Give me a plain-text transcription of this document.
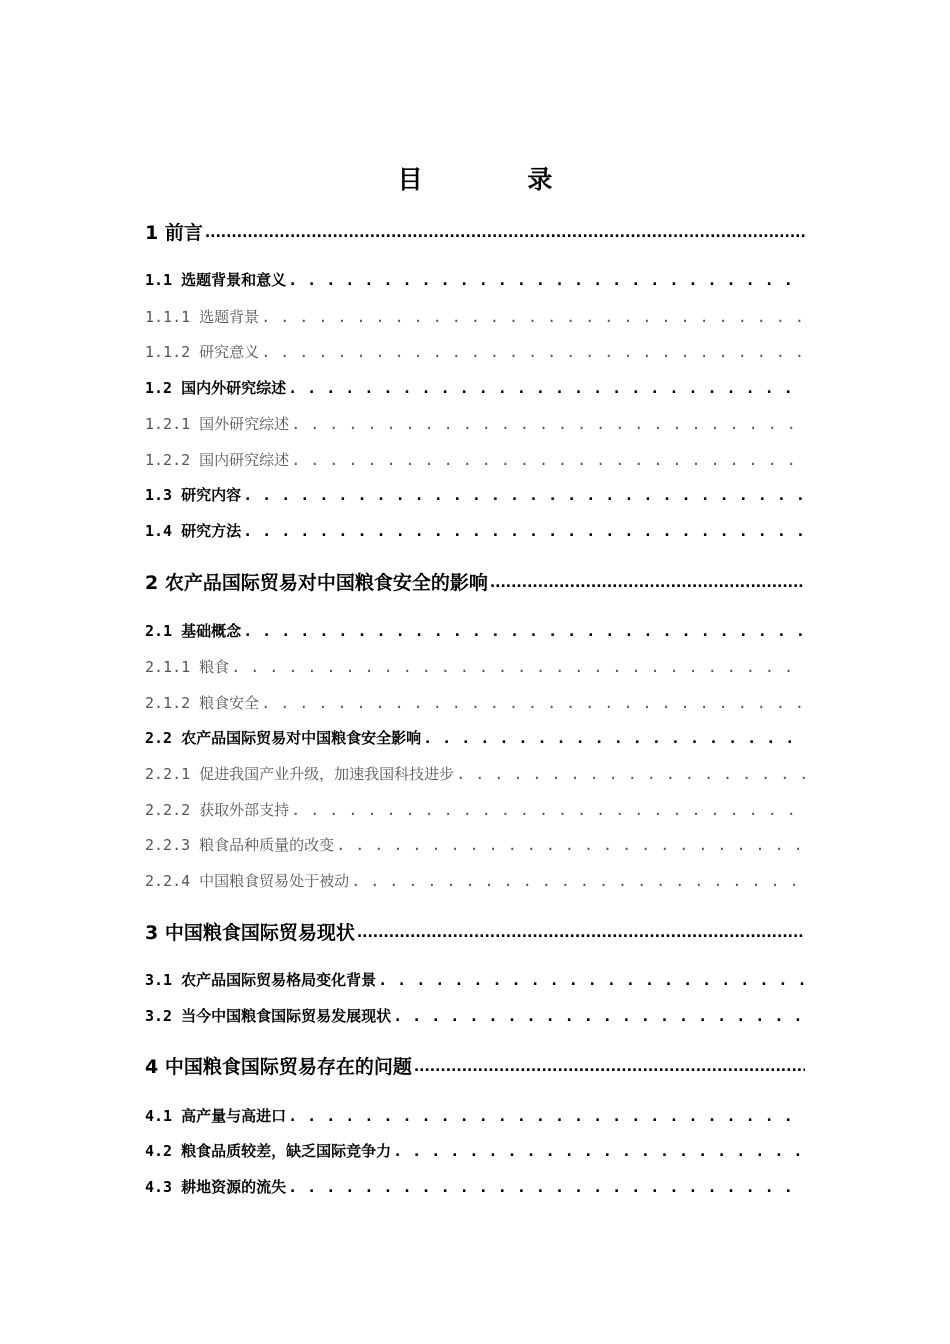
目 录
1 前言
.....
1.1 选题背景和意义
. . .
1.1.1 选题背景
. . .
1.1.2 研究意义
. . .
1.2 国内外研究综述
. . .
1.2.1 国外研究综述
. . .
1.2.2 国内研究综述
. . .
1.3 研究内容
. . .
1.4 研究方法
. . .
2 农产品国际贸易对中国粮食安全的影响
.....
2.1 基础概念
. . .
2.1.1 粮食
. . .
2.1.2 粮食安全
. . .
2.2 农产品国际贸易对中国粮食安全影响
. . .
2.2.1 促进我国产业升级，加速我国科技进步
. . .
2.2.2 获取外部支持
. . .
2.2.3 粮食品种质量的改变
. . .
2.2.4 中国粮食贸易处于被动
. . .
3 中国粮食国际贸易现状
.....
3.1 农产品国际贸易格局变化背景
. . .
3.2 当今中国粮食国际贸易发展现状
. . .
4 中国粮食国际贸易存在的问题
.....
4.1 高产量与高进口
. . .
4.2 粮食品质较差，缺乏国际竞争力
. . .
4.3 耕地资源的流失
. . .
